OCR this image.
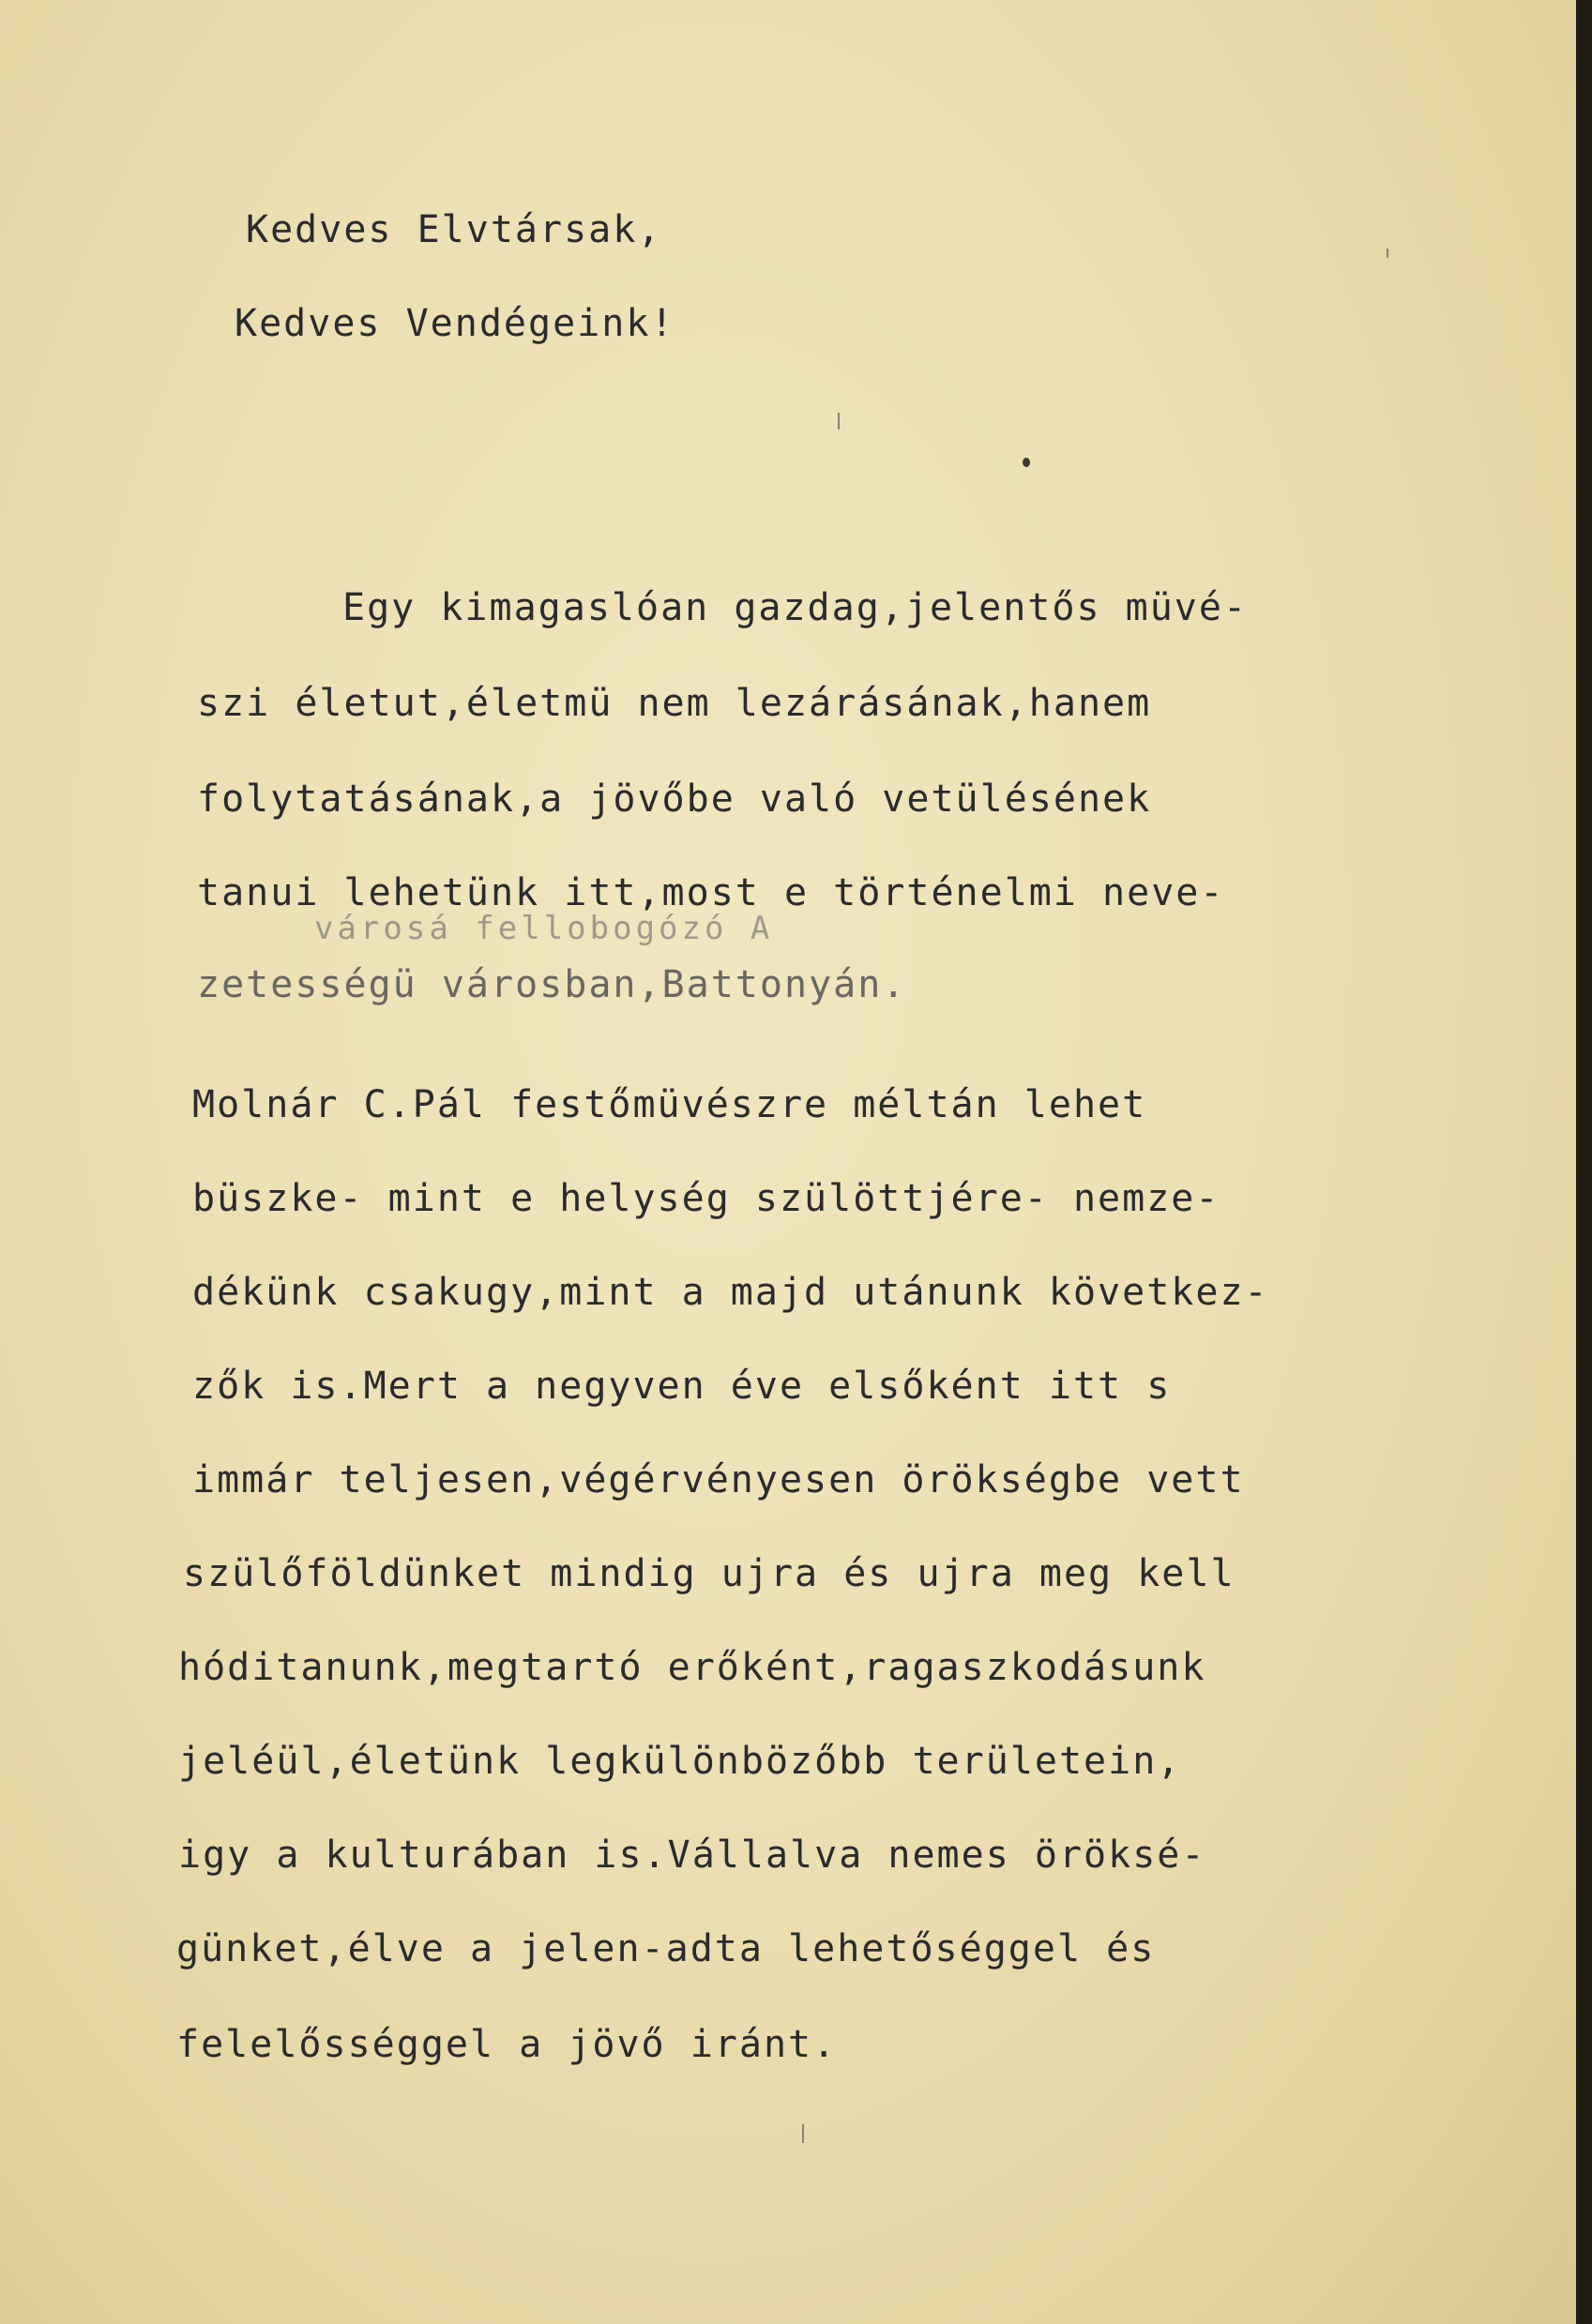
Kedves Elvtársak,

Kedves Vendégeink!

Egy kimagaslóan gazdag,jelentős müvé-

szi életut,életmü nem lezárásának,hanem

folytatásának,a jövőbe való vetülésének

tanui lehetünk itt,most e történelmi neve-

városá fellobogózó A

zetességü városban,Battonyán.

Molnár C.Pál festőmüvészre méltán lehet

büszke- mint e helység szülöttjére- nemze-

dékünk csakugy,mint a majd utánunk következ-

zők is.Mert a negyven éve elsőként itt s

immár teljesen,végérvényesen örökségbe vett

szülőföldünket mindig ujra és ujra meg kell

hóditanunk,megtartó erőként,ragaszkodásunk

jeléül,életünk legkülönbözőbb területein,

igy a kulturában is.Vállalva nemes öröksé-

günket,élve a jelen-adta lehetőséggel és

felelősséggel a jövő iránt.
